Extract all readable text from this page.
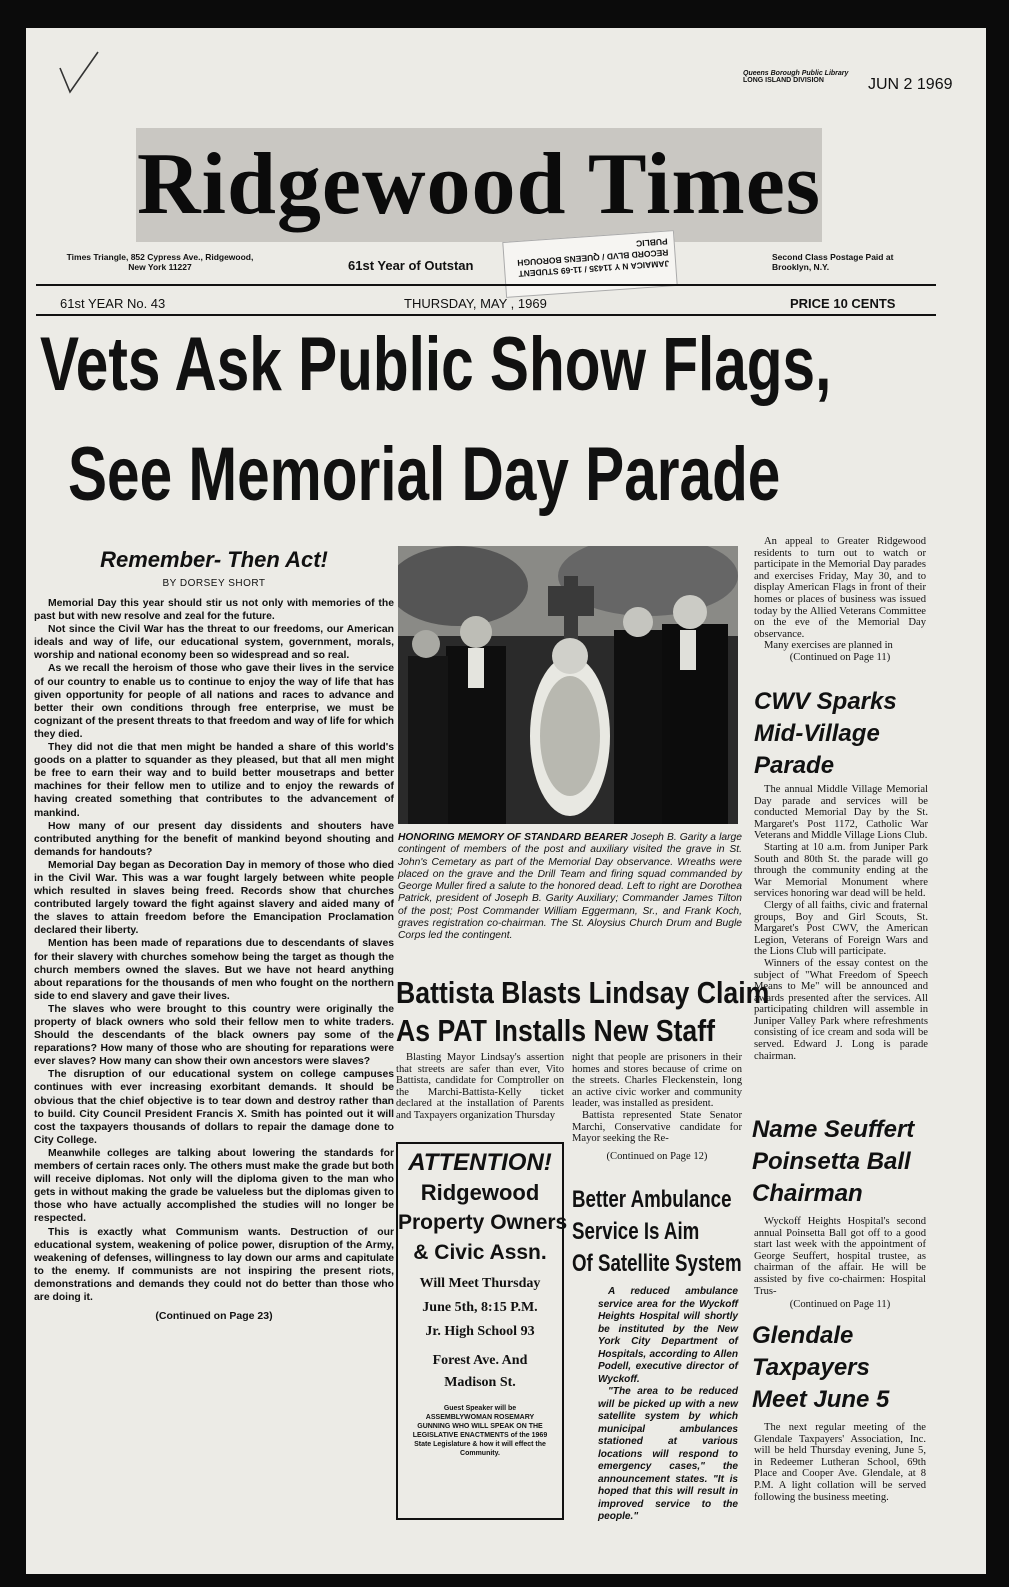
Queens Borough Public Library
LONG ISLAND DIVISION	JUN 2 1969
Ridgewood Times
Times Triangle, 852 Cypress Ave., Ridgewood, New York 11227	61st Year of Outstan	JAMAICA N Y 11435 / 11-69 STUDENT RECORD BLVD / QUEENS BOROUGH PUBLIC
Second Class Postage Paid at Brooklyn, N.Y.
61st YEAR No. 43	THURSDAY, MAY , 1969	PRICE 10 CENTS
Vets Ask Public Show Flags,
See Memorial Day Parade
Remember- Then Act!
BY DORSEY SHORT

Memorial Day this year should stir us not only with memories of the past but with new resolve and zeal for the future.

Not since the Civil War has the threat to our freedoms, our American ideals and way of life, our educational system, government, morals, worship and national economy been so widespread and so real.

As we recall the heroism of those who gave their lives in the service of our country to enable us to continue to enjoy the way of life that has given opportunity for people of all nations and races to advance and better their own conditions through free enterprise, we must be cognizant of the present threats to that freedom and way of life for which they died.

They did not die that men might be handed a share of this world's goods on a platter to squander as they pleased, but that all men might be free to earn their way and to build better mousetraps and better machines for their fellow men to utilize and to enjoy the rewards of having created something that contributes to the advancement of mankind.

How many of our present day dissidents and shouters have contributed anything for the benefit of mankind beyond shouting and demands for handouts?

Memorial Day began as Decoration Day in memory of those who died in the Civil War. This was a war fought largely between white people which resulted in slaves being freed. Records show that churches contributed largely toward the fight against slavery and aided many of the slaves to attain freedom before the Emancipation Proclamation declared their liberty.

Mention has been made of reparations due to descendants of slaves for their slavery with churches somehow being the target as though the church members owned the slaves. But we have not heard anything about reparations for the thousands of men who fought on the northern side to end slavery and gave their lives.

The slaves who were brought to this country were originally the property of black owners who sold their fellow men to white traders. Should the descendants of the black owners pay some of the reparations? How many of those who are shouting for reparations were ever slaves? How many can show their own ancestors were slaves?

The disruption of our educational system on college campuses continues with ever increasing exorbitant demands. It should be obvious that the chief objective is to tear down and destroy rather than to build. City Council President Francis X. Smith has pointed out it will cost the taxpayers thousands of dollars to repair the damage done to City College.

Meanwhile colleges are talking about lowering the standards for members of certain races only. The others must make the grade but both will receive diplomas. Not only will the diploma given to the man who gets in without making the grade be valueless but the diplomas given to those who have actually accomplished the studies will no longer be respected.

This is exactly what Communism wants. Destruction of our educational system, weakening of police power, disruption of the Army, weakening of defenses, willingness to lay down our arms and capitulate to the enemy. If communists are not inspiring the present riots, demonstrations and demands they could not do better than those who are doing it.

(Continued on Page 23)
HONORING MEMORY OF STANDARD BEARER Joseph B. Garity a large contingent of members of the post and auxiliary visited the grave in St. John's Cemetary as part of the Memorial Day observance. Wreaths were placed on the grave and the Drill Team and firing squad commanded by George Muller fired a salute to the honored dead. Left to right are Dorothea Patrick, president of Joseph B. Garity Auxiliary; Commander James Tilton of the post; Post Commander William Eggermann, Sr., and Frank Koch, graves registration co-chairman. The St. Aloysius Church Drum and Bugle Corps led the contingent.
Battista Blasts Lindsay Claim
As PAT Installs New Staff

Blasting Mayor Lindsay's assertion that streets are safer than ever, Vito Battista, candidate for Comptroller on the Marchi-Battista-Kelly ticket declared at the installation of Parents and Taxpayers organization Thursday

night that people are prisoners in their homes and stores because of crime on the streets. Charles Fleckenstein, long an active civic worker and community leader, was installed as president.

Battista represented State Senator Marchi, Conservative candidate for Mayor seeking the Re-

(Continued on Page 12)
ATTENTION!
Ridgewood
Property Owners
& Civic Assn.
Will Meet Thursday
June 5th, 8:15 P.M.
Jr. High School 93
Forest Ave. And
Madison St.
Guest Speaker will be ASSEMBLYWOMAN ROSEMARY GUNNING WHO WILL SPEAK ON THE LEGISLATIVE ENACTMENTS of the 1969 State Legislature & how it will effect the Community.
Better Ambulance
Service Is Aim
Of Satellite System

A reduced ambulance service area for the Wyckoff Heights Hospital will shortly be instituted by the New York City Department of Hospitals, according to Allen Podell, executive director of Wyckoff.

"The area to be reduced will be picked up with a new satellite system by which municipal ambulances stationed at various locations will respond to emergency cases," the announcement states. "It is hoped that this will result in improved service to the people."

An appeal to Greater Ridgewood residents to turn out to watch or participate in the Memorial Day parades and exercises Friday, May 30, and to display American Flags in front of their homes or places of business was issued today by the Allied Veterans Committee on the eve of the Memorial Day observance.

Many exercises are planned in

(Continued on Page 11)
CWV Sparks
Mid-Village
Parade

The annual Middle Village Memorial Day parade and services will be conducted Memorial Day by the St. Margaret's Post 1172, Catholic War Veterans and Middle Village Lions Club.

Starting at 10 a.m. from Juniper Park South and 80th St. the parade will go through the community ending at the War Memorial Monument where services honoring war dead will be held.

Clergy of all faiths, civic and fraternal groups, Boy and Girl Scouts, St. Margaret's Post CWV, the American Legion, Veterans of Foreign Wars and the Lions Club will participate.

Winners of the essay contest on the subject of "What Freedom of Speech Means to Me" will be announced and awards presented after the services. All participating children will assemble in Juniper Valley Park where refreshments consisting of ice cream and soda will be served. Edward J. Long is parade chairman.

Name Seuffert
Poinsetta Ball
Chairman

Wyckoff Heights Hospital's second annual Poinsetta Ball got off to a good start last week with the appointment of George Seuffert, hospital trustee, as chairman of the affair. He will be assisted by five co-chairmen: Hospital Trus-

(Continued on Page 11)
Glendale
Taxpayers
Meet June 5

The next regular meeting of the Glendale Taxpayers' Association, Inc. will be held Thursday evening, June 5, in Redeemer Lutheran School, 69th Place and Cooper Ave. Glendale, at 8 P.M. A light collation will be served following the business meeting.
